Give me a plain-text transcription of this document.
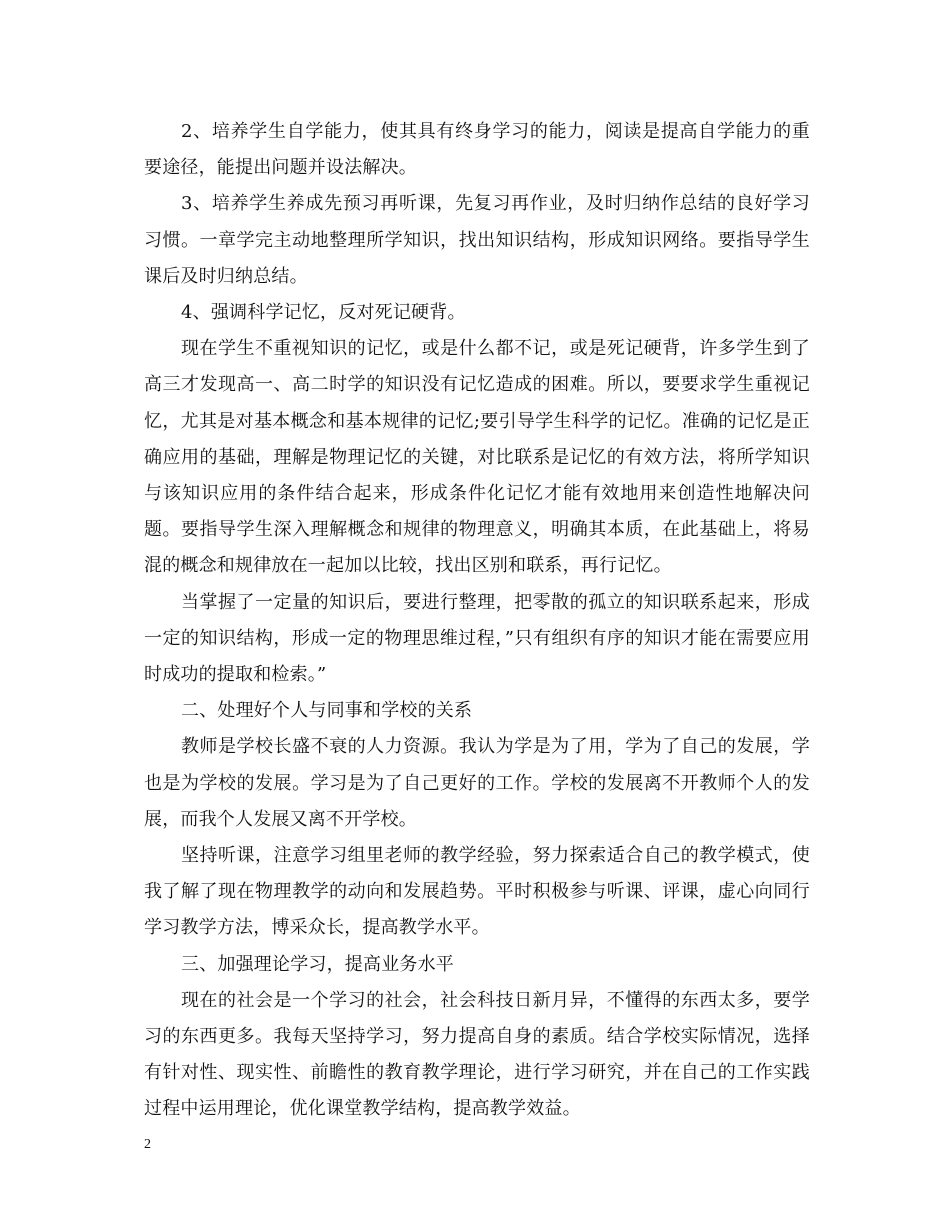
2、培养学生自学能力，使其具有终身学习的能力，阅读是提高自学能力的重要途径，能提出问题并设法解决。

3、培养学生养成先预习再听课，先复习再作业，及时归纳作总结的良好学习习惯。一章学完主动地整理所学知识，找出知识结构，形成知识网络。要指导学生课后及时归纳总结。

4、强调科学记忆，反对死记硬背。

现在学生不重视知识的记忆，或是什么都不记，或是死记硬背，许多学生到了高三才发现高一、高二时学的知识没有记忆造成的困难。所以，要要求学生重视记忆，尤其是对基本概念和基本规律的记忆;要引导学生科学的记忆。准确的记忆是正确应用的基础，理解是物理记忆的关键，对比联系是记忆的有效方法，将所学知识与该知识应用的条件结合起来，形成条件化记忆才能有效地用来创造性地解决问题。要指导学生深入理解概念和规律的物理意义，明确其本质，在此基础上，将易混的概念和规律放在一起加以比较，找出区别和联系，再行记忆。

当掌握了一定量的知识后，要进行整理，把零散的孤立的知识联系起来，形成一定的知识结构，形成一定的物理思维过程，”只有组织有序的知识才能在需要应用时成功的提取和检索。”

二、处理好个人与同事和学校的关系

教师是学校长盛不衰的人力资源。我认为学是为了用，学为了自己的发展，学也是为学校的发展。学习是为了自己更好的工作。学校的发展离不开教师个人的发展，而我个人发展又离不开学校。

坚持听课，注意学习组里老师的教学经验，努力探索适合自己的教学模式，使我了解了现在物理教学的动向和发展趋势。平时积极参与听课、评课，虚心向同行学习教学方法，博采众长，提高教学水平。

三、加强理论学习，提高业务水平

现在的社会是一个学习的社会，社会科技日新月异，不懂得的东西太多，要学习的东西更多。我每天坚持学习，努力提高自身的素质。结合学校实际情况，选择有针对性、现实性、前瞻性的教育教学理论，进行学习研究，并在自己的工作实践过程中运用理论，优化课堂教学结构，提高教学效益。

2
